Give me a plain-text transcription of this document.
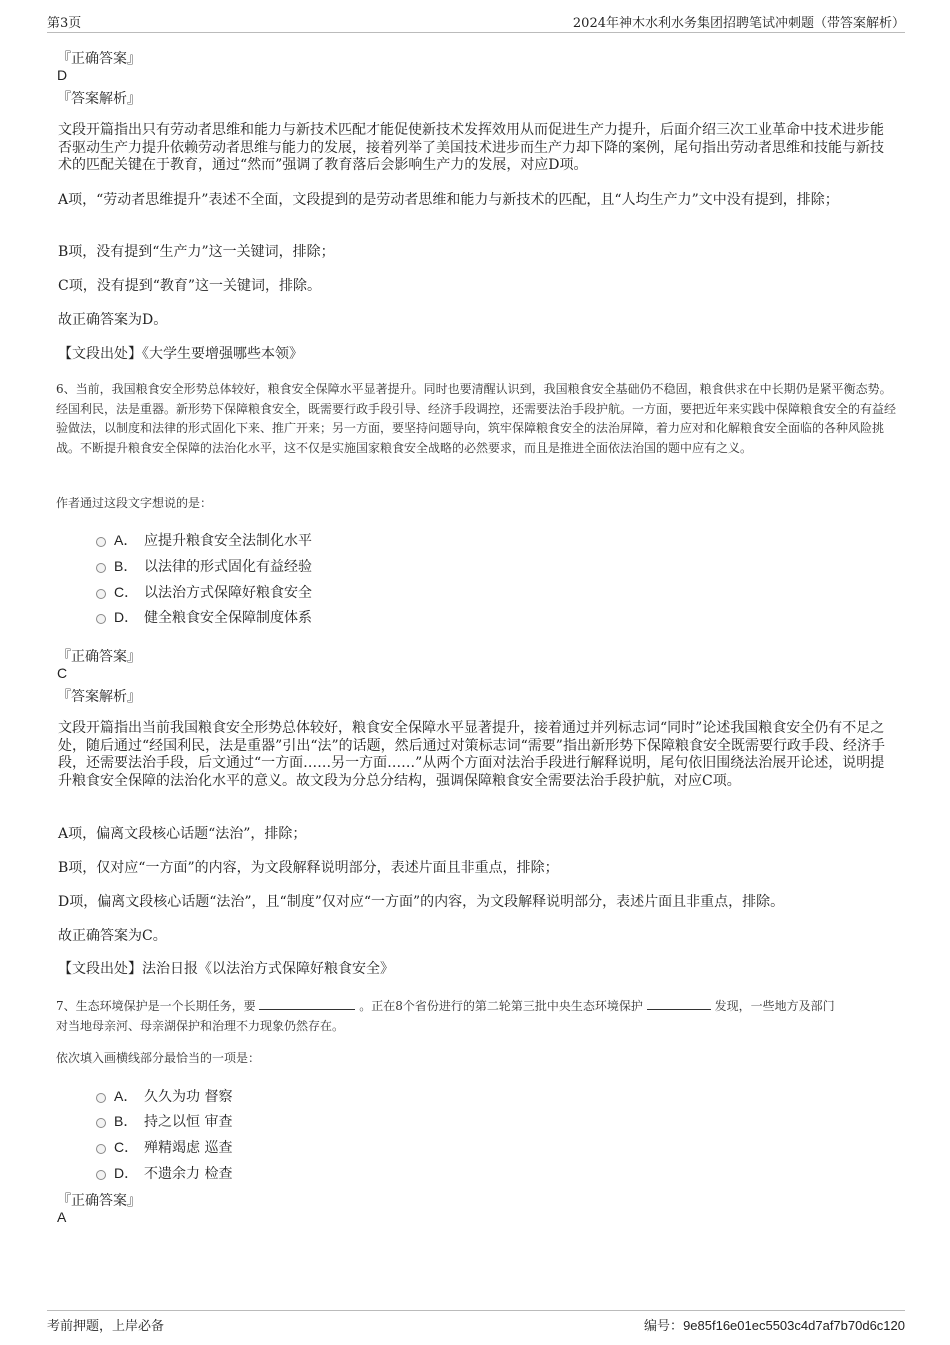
第3页	2024年神木水利水务集团招聘笔试冲刺题（带答案解析）
『正确答案』
D
『答案解析』
文段开篇指出只有劳动者思维和能力与新技术匹配才能促使新技术发挥效用从而促进生产力提升，后面介绍三次工业革命中技术进步能否驱动生产力提升依赖劳动者思维与能力的发展，接着列举了美国技术进步而生产力却下降的案例，尾句指出劳动者思维和技能与新技术的匹配关键在于教育，通过“然而”强调了教育落后会影响生产力的发展，对应D项。
A项，“劳动者思维提升”表述不全面，文段提到的是劳动者思维和能力与新技术的匹配，且“人均生产力”文中没有提到，排除；
B项，没有提到“生产力”这一关键词，排除；
C项，没有提到“教育”这一关键词，排除。
故正确答案为D。
【文段出处】《大学生要增强哪些本领》
6、当前，我国粮食安全形势总体较好，粮食安全保障水平显著提升。同时也要清醒认识到，我国粮食安全基础仍不稳固，粮食供求在中长期仍是紧平衡态势。经国利民，法是重器。新形势下保障粮食安全，既需要行政手段引导、经济手段调控，还需要法治手段护航。一方面，要把近年来实践中保障粮食安全的有益经验做法，以制度和法律的形式固化下来、推广开来；另一方面，要坚持问题导向，筑牢保障粮食安全的法治屏障，着力应对和化解粮食安全面临的各种风险挑战。不断提升粮食安全保障的法治化水平，这不仅是实施国家粮食安全战略的必然要求，而且是推进全面依法治国的题中应有之义。
作者通过这段文字想说的是：
A． 应提升粮食安全法制化水平
B． 以法律的形式固化有益经验
C． 以法治方式保障好粮食安全
D． 健全粮食安全保障制度体系
『正确答案』
C
『答案解析』
文段开篇指出当前我国粮食安全形势总体较好，粮食安全保障水平显著提升，接着通过并列标志词“同时”论述我国粮食安全仍有不足之处，随后通过“经国利民，法是重器”引出“法”的话题，然后通过对策标志词“需要”指出新形势下保障粮食安全既需要行政手段、经济手段，还需要法治手段，后文通过“一方面……另一方面……”从两个方面对法治手段进行解释说明，尾句依旧围绕法治展开论述，说明提升粮食安全保障的法治化水平的意义。故文段为分总分结构，强调保障粮食安全需要法治手段护航，对应C项。
A项，偏离文段核心话题“法治”，排除；
B项，仅对应“一方面”的内容，为文段解释说明部分，表述片面且非重点，排除；
D项，偏离文段核心话题“法治”，且“制度”仅对应“一方面”的内容，为文段解释说明部分，表述片面且非重点，排除。
故正确答案为C。
【文段出处】法治日报《以法治方式保障好粮食安全》
7、生态环境保护是一个长期任务，要	。正在8个省份进行的第二轮第三批中央生态环境保护	发现，一些地方及部门
对当地母亲河、母亲湖保护和治理不力现象仍然存在。
依次填入画横线部分最恰当的一项是：
A． 久久为功 督察
B． 持之以恒 审查
C． 殚精竭虑 巡查
D． 不遗余力 检查
『正确答案』
A
考前押题，上岸必备	编号：9e85f16e01ec5503c4d7af7b70d6c120
